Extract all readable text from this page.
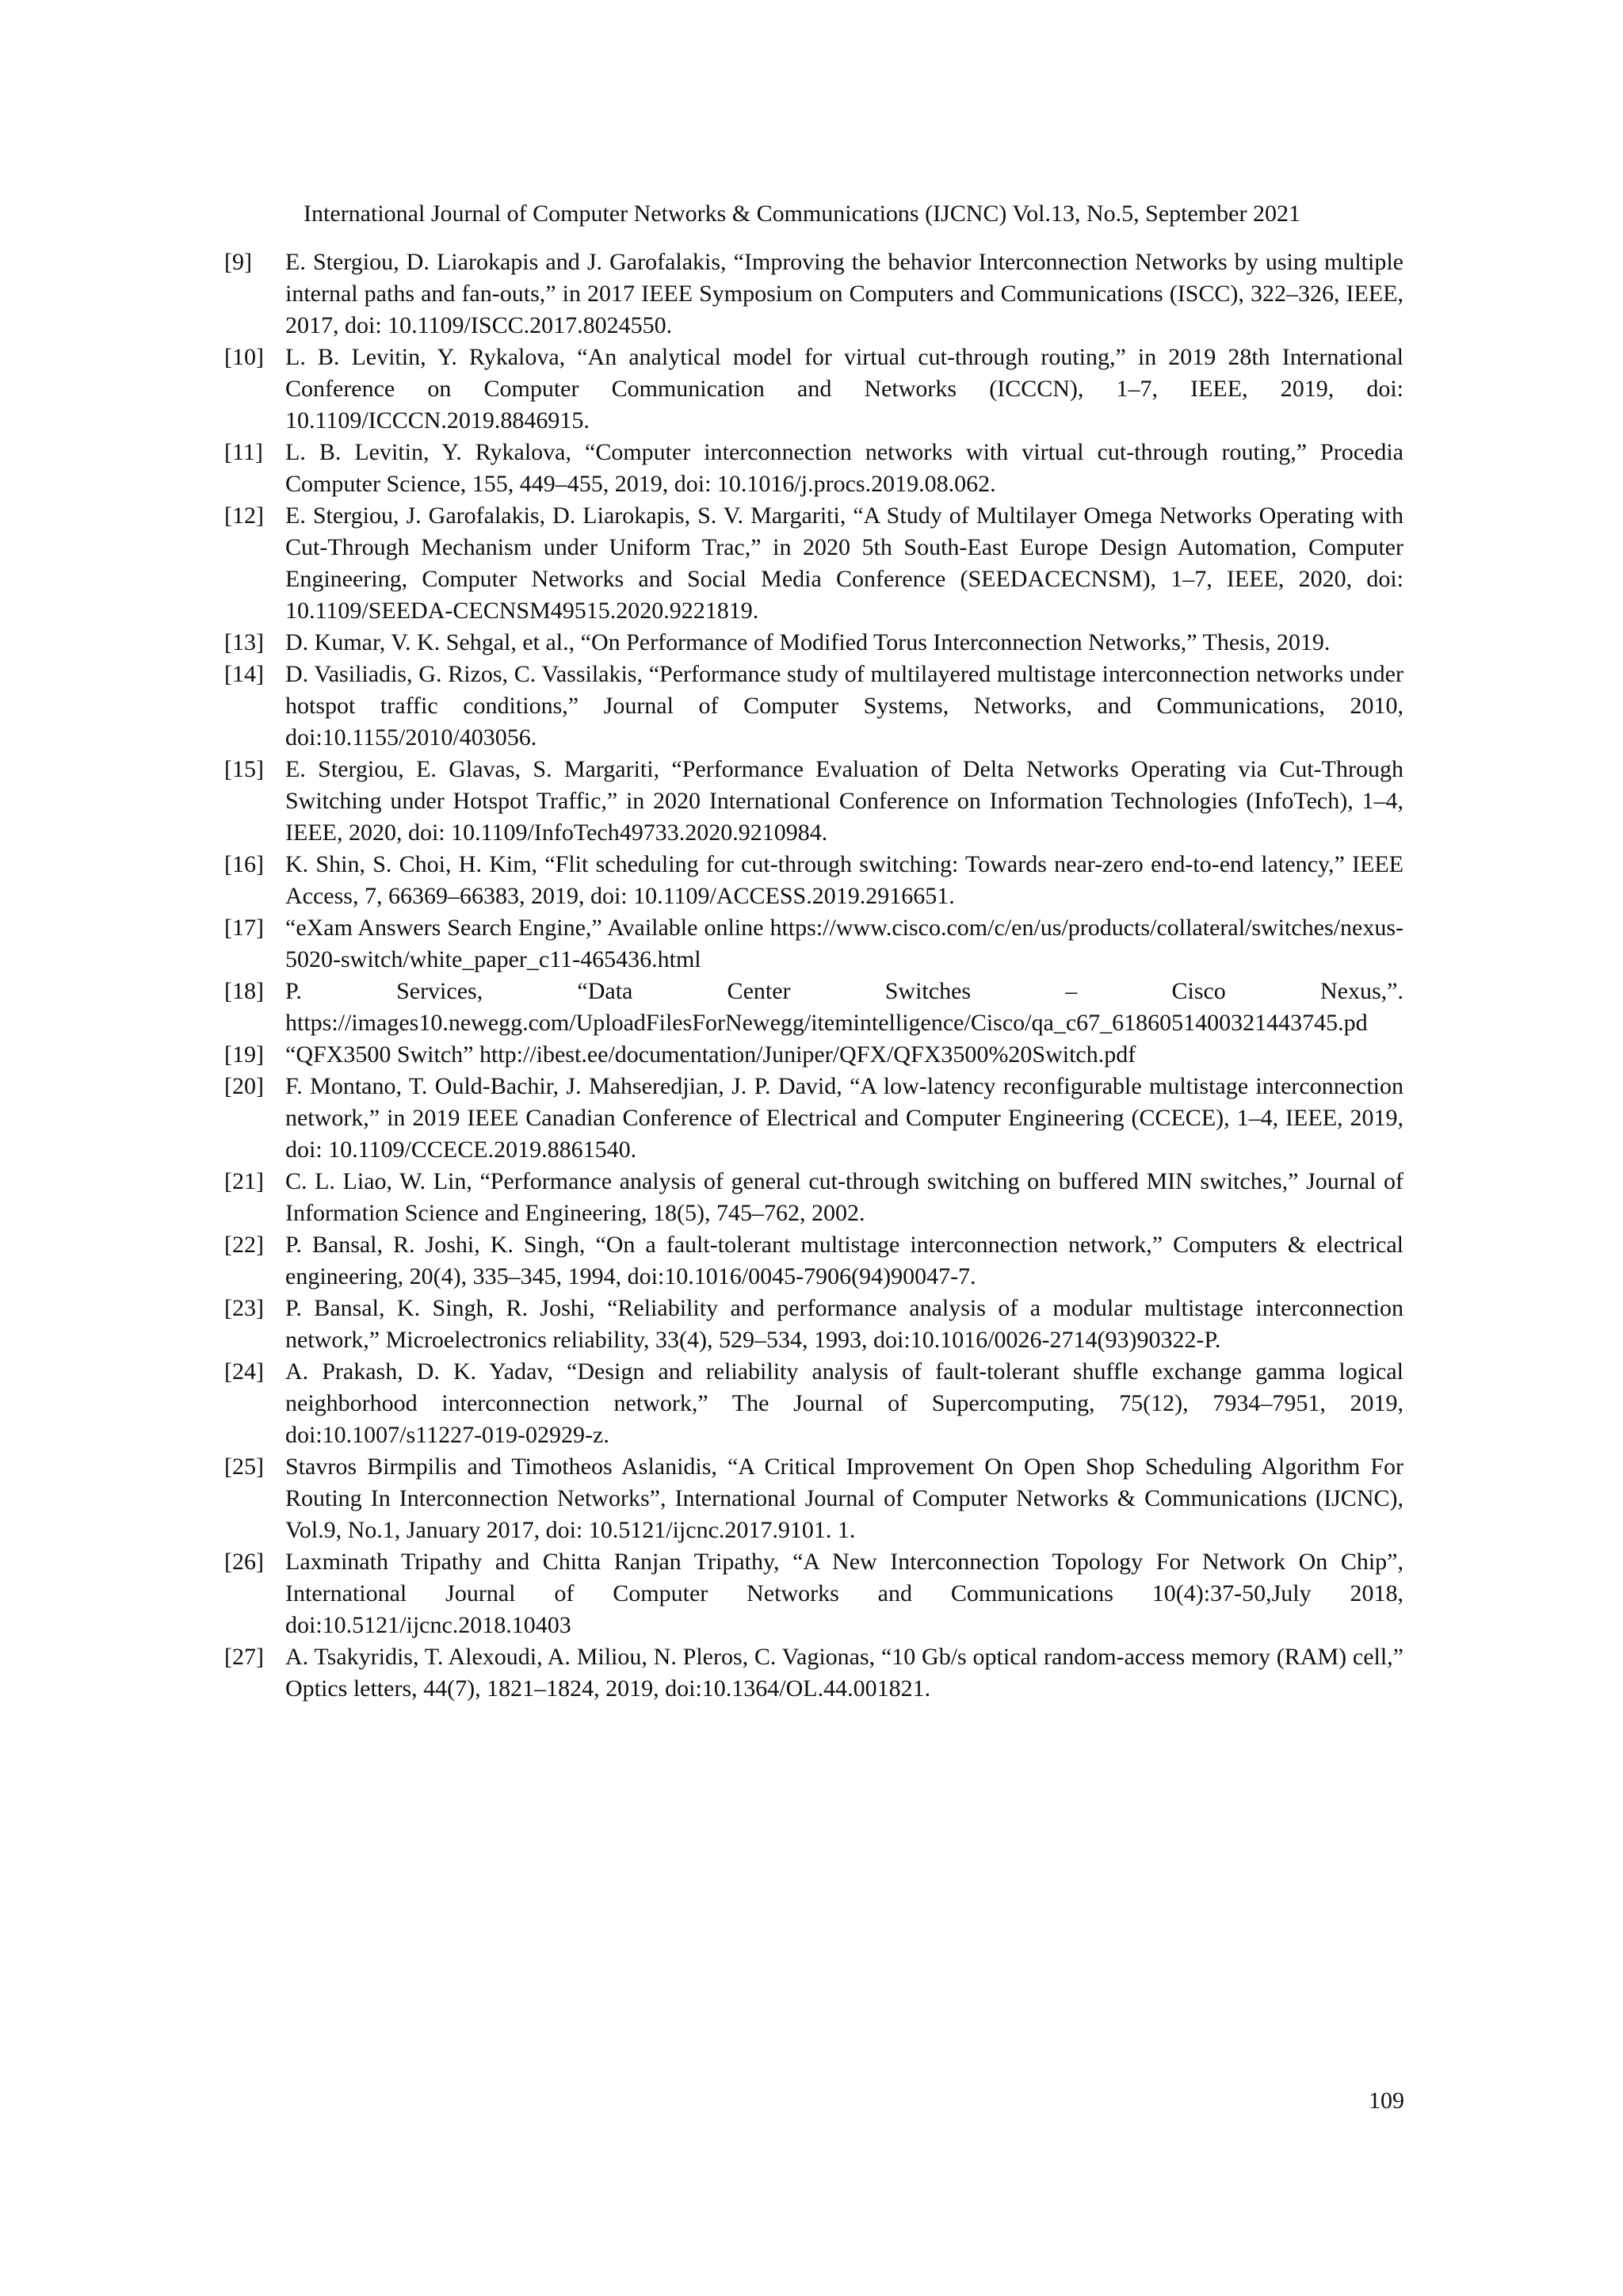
International Journal of Computer Networks & Communications (IJCNC) Vol.13, No.5, September 2021
[9] E. Stergiou, D. Liarokapis and J. Garofalakis, “Improving the behavior Interconnection Networks by using multiple internal paths and fan-outs,” in 2017 IEEE Symposium on Computers and Communications (ISCC), 322–326, IEEE, 2017, doi: 10.1109/ISCC.2017.8024550.
[10] L. B. Levitin, Y. Rykalova, “An analytical model for virtual cut-through routing,” in 2019 28th International Conference on Computer Communication and Networks (ICCCN), 1–7, IEEE, 2019, doi: 10.1109/ICCCN.2019.8846915.
[11] L. B. Levitin, Y. Rykalova, “Computer interconnection networks with virtual cut-through routing,” Procedia Computer Science, 155, 449–455, 2019, doi: 10.1016/j.procs.2019.08.062.
[12] E. Stergiou, J. Garofalakis, D. Liarokapis, S. V. Margariti, “A Study of Multilayer Omega Networks Operating with Cut-Through Mechanism under Uniform Trac,” in 2020 5th South-East Europe Design Automation, Computer Engineering, Computer Networks and Social Media Conference (SEEDACECNSM), 1–7, IEEE, 2020, doi: 10.1109/SEEDA-CECNSM49515.2020.9221819.
[13] D. Kumar, V. K. Sehgal, et al., “On Performance of Modified Torus Interconnection Networks,” Thesis, 2019.
[14] D. Vasiliadis, G. Rizos, C. Vassilakis, “Performance study of multilayered multistage interconnection networks under hotspot traffic conditions,” Journal of Computer Systems, Networks, and Communications, 2010, doi:10.1155/2010/403056.
[15] E. Stergiou, E. Glavas, S. Margariti, “Performance Evaluation of Delta Networks Operating via Cut-Through Switching under Hotspot Traffic,” in 2020 International Conference on Information Technologies (InfoTech), 1–4, IEEE, 2020, doi: 10.1109/InfoTech49733.2020.9210984.
[16] K. Shin, S. Choi, H. Kim, “Flit scheduling for cut-through switching: Towards near-zero end-to-end latency,” IEEE Access, 7, 66369–66383, 2019, doi: 10.1109/ACCESS.2019.2916651.
[17] “eXam Answers Search Engine,” Available online https://www.cisco.com/c/en/us/products/collateral/switches/nexus-5020-switch/white_paper_c11-465436.html
[18] P. Services, “Data Center Switches – Cisco Nexus,”. https://images10.newegg.com/UploadFilesForNewegg/itemintelligence/Cisco/qa_c67_6186051400321443745.pd
[19] “QFX3500 Switch” http://ibest.ee/documentation/Juniper/QFX/QFX3500%20Switch.pdf
[20] F. Montano, T. Ould-Bachir, J. Mahseredjian, J. P. David, “A low-latency reconfigurable multistage interconnection network,” in 2019 IEEE Canadian Conference of Electrical and Computer Engineering (CCECE), 1–4, IEEE, 2019, doi: 10.1109/CCECE.2019.8861540.
[21] C. L. Liao, W. Lin, “Performance analysis of general cut-through switching on buffered MIN switches,” Journal of Information Science and Engineering, 18(5), 745–762, 2002.
[22] P. Bansal, R. Joshi, K. Singh, “On a fault-tolerant multistage interconnection network,” Computers & electrical engineering, 20(4), 335–345, 1994, doi:10.1016/0045-7906(94)90047-7.
[23] P. Bansal, K. Singh, R. Joshi, “Reliability and performance analysis of a modular multistage interconnection network,” Microelectronics reliability, 33(4), 529–534, 1993, doi:10.1016/0026-2714(93)90322-P.
[24] A. Prakash, D. K. Yadav, “Design and reliability analysis of fault-tolerant shuffle exchange gamma logical neighborhood interconnection network,” The Journal of Supercomputing, 75(12), 7934–7951, 2019, doi:10.1007/s11227-019-02929-z.
[25] Stavros Birmpilis and Timotheos Aslanidis, “A Critical Improvement On Open Shop Scheduling Algorithm For Routing In Interconnection Networks”, International Journal of Computer Networks & Communications (IJCNC), Vol.9, No.1, January 2017, doi: 10.5121/ijcnc.2017.9101. 1.
[26] Laxminath Tripathy and Chitta Ranjan Tripathy, “A New Interconnection Topology For Network On Chip”, International Journal of Computer Networks and Communications 10(4):37-50,July 2018, doi:10.5121/ijcnc.2018.10403
[27] A. Tsakyridis, T. Alexoudi, A. Miliou, N. Pleros, C. Vagionas, “10 Gb/s optical random-access memory (RAM) cell,” Optics letters, 44(7), 1821–1824, 2019, doi:10.1364/OL.44.001821.
109
